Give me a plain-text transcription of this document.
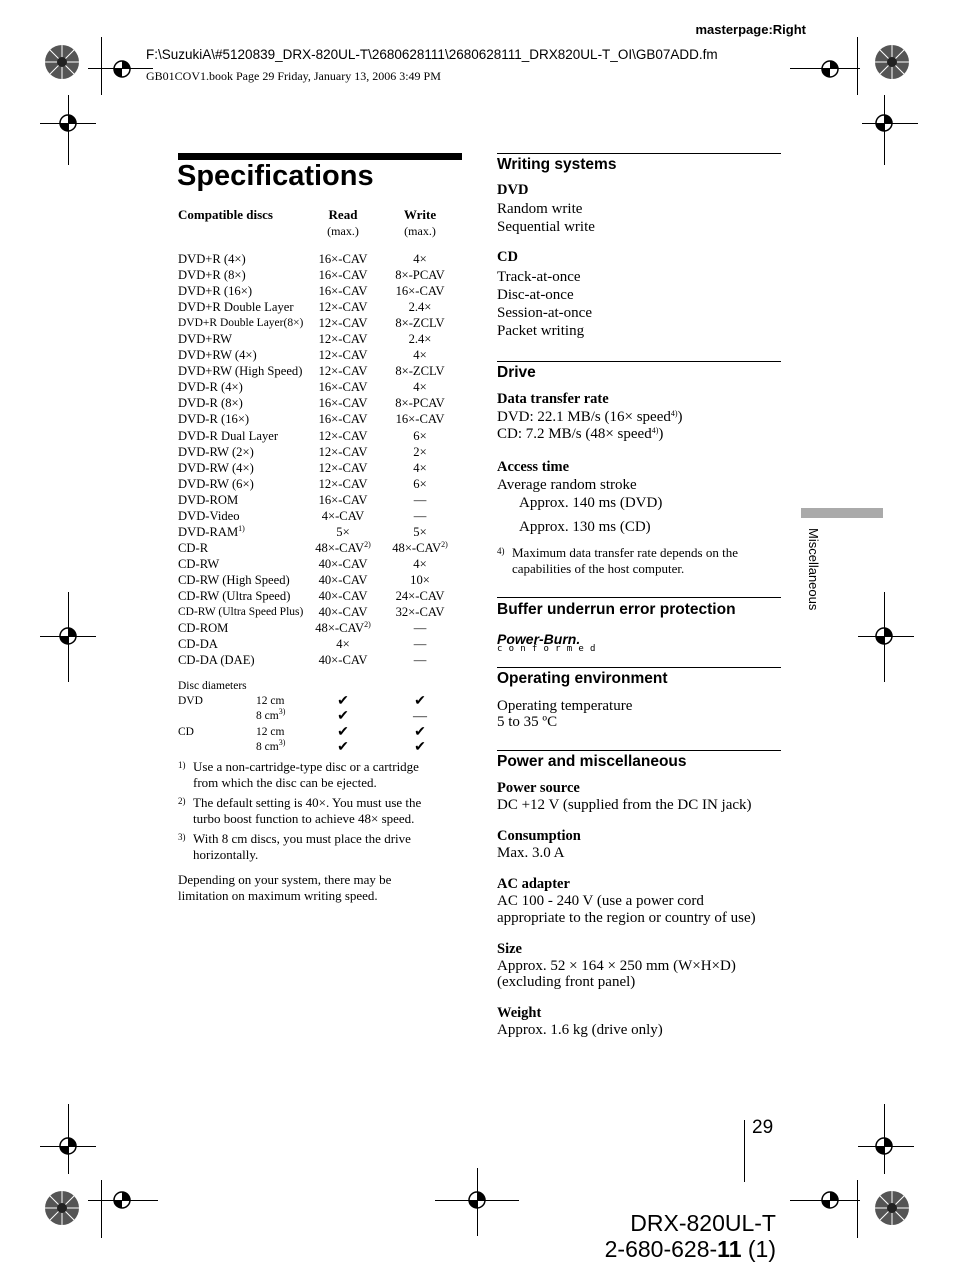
masterpage:Right
F:\SuzukiA\#5120839_DRX-820UL-T\2680628111\2680628111_DRX820UL-T_OI\GB07ADD.fm
GB01COV1.book Page 29 Friday, January 13, 2006 3:49 PM
Specifications
Compatible discs	Read	Write
(max.)	(max.)
DVD+R (4×)	16×-CAV	4×
DVD+R (8×)	16×-CAV	8×-PCAV
DVD+R (16×)	16×-CAV	16×-CAV
DVD+R Double Layer	12×-CAV	2.4×
DVD+R Double Layer(8×)	12×-CAV	8×-ZCLV
DVD+RW	12×-CAV	2.4×
DVD+RW (4×)	12×-CAV	4×
DVD+RW (High Speed)	12×-CAV	8×-ZCLV
DVD-R (4×)	16×-CAV	4×
DVD-R (8×)	16×-CAV	8×-PCAV
DVD-R (16×)	16×-CAV	16×-CAV
DVD-R Dual Layer	12×-CAV	6×
DVD-RW (2×)	12×-CAV	2×
DVD-RW (4×)	12×-CAV	4×
DVD-RW (6×)	12×-CAV	6×
DVD-ROM	16×-CAV	—
DVD-Video	4×-CAV	—
DVD-RAM$^{1)}$	5×	5×
CD-R	$48\times-CAV^{2)}$	$48\times-CAV^{2)}$
CD-RW	40×-CAV	4×
CD-RW (High Speed)	40×-CAV	10×
CD-RW (Ultra Speed)	40×-CAV	24×-CAV
CD-RW (Ultra Speed Plus)	40×-CAV	32×-CAV
CD-ROM	$48\times-CAV^{2)}$	—
CD-DA	4×	—
CD-DA (DAE)	40×-CAV	—
Disc diameters
DVD	12 cm	✔	✔
8 $cm^{3)}$	✔	—
CD	12 cm	✔	✔
8 $cm^{3)}$	✔	✔
1) Use a non-cartridge-type disc or a cartridge
from which the disc can be ejected.
2) The default setting is 40×. You must use the
turbo boost function to achieve 48× speed.
3) With 8 cm discs, you must place the drive
horizontally.
Depending on your system, there may be
limitation on maximum writing speed.
Writing systems
DVD
Random write
Sequential write
CD
Track-at-once
Disc-at-once
Session-at-once
Packet writing
Drive
Data transfer rate
DVD: 22.1 MB/s (16× speed$^{4)}$)
CD: 7.2 MB/s (48× speed$^{4)}$)
Access time
Average random stroke
Approx. 140 ms (DVD)
Approx. 130 ms (CD)
4) Maximum data transfer rate depends on the
capabilities of the host computer.
Buffer underrun error protection
Power-Burn.
conformed
Operating environment
Operating temperature
5 to 35 ºC
Power and miscellaneous
Power source
DC +12 V (supplied from the DC IN jack)
Consumption
Max. 3.0 A
AC adapter
AC 100 - 240 V (use a power cord
appropriate to the region or country of use)
Size
Approx. 52 × 164 × 250 mm (W×H×D)
(excluding front panel)
Weight
Approx. 1.6 kg (drive only)
Miscellaneous
29
DRX-820UL-T
2-680-628-11 (1)
